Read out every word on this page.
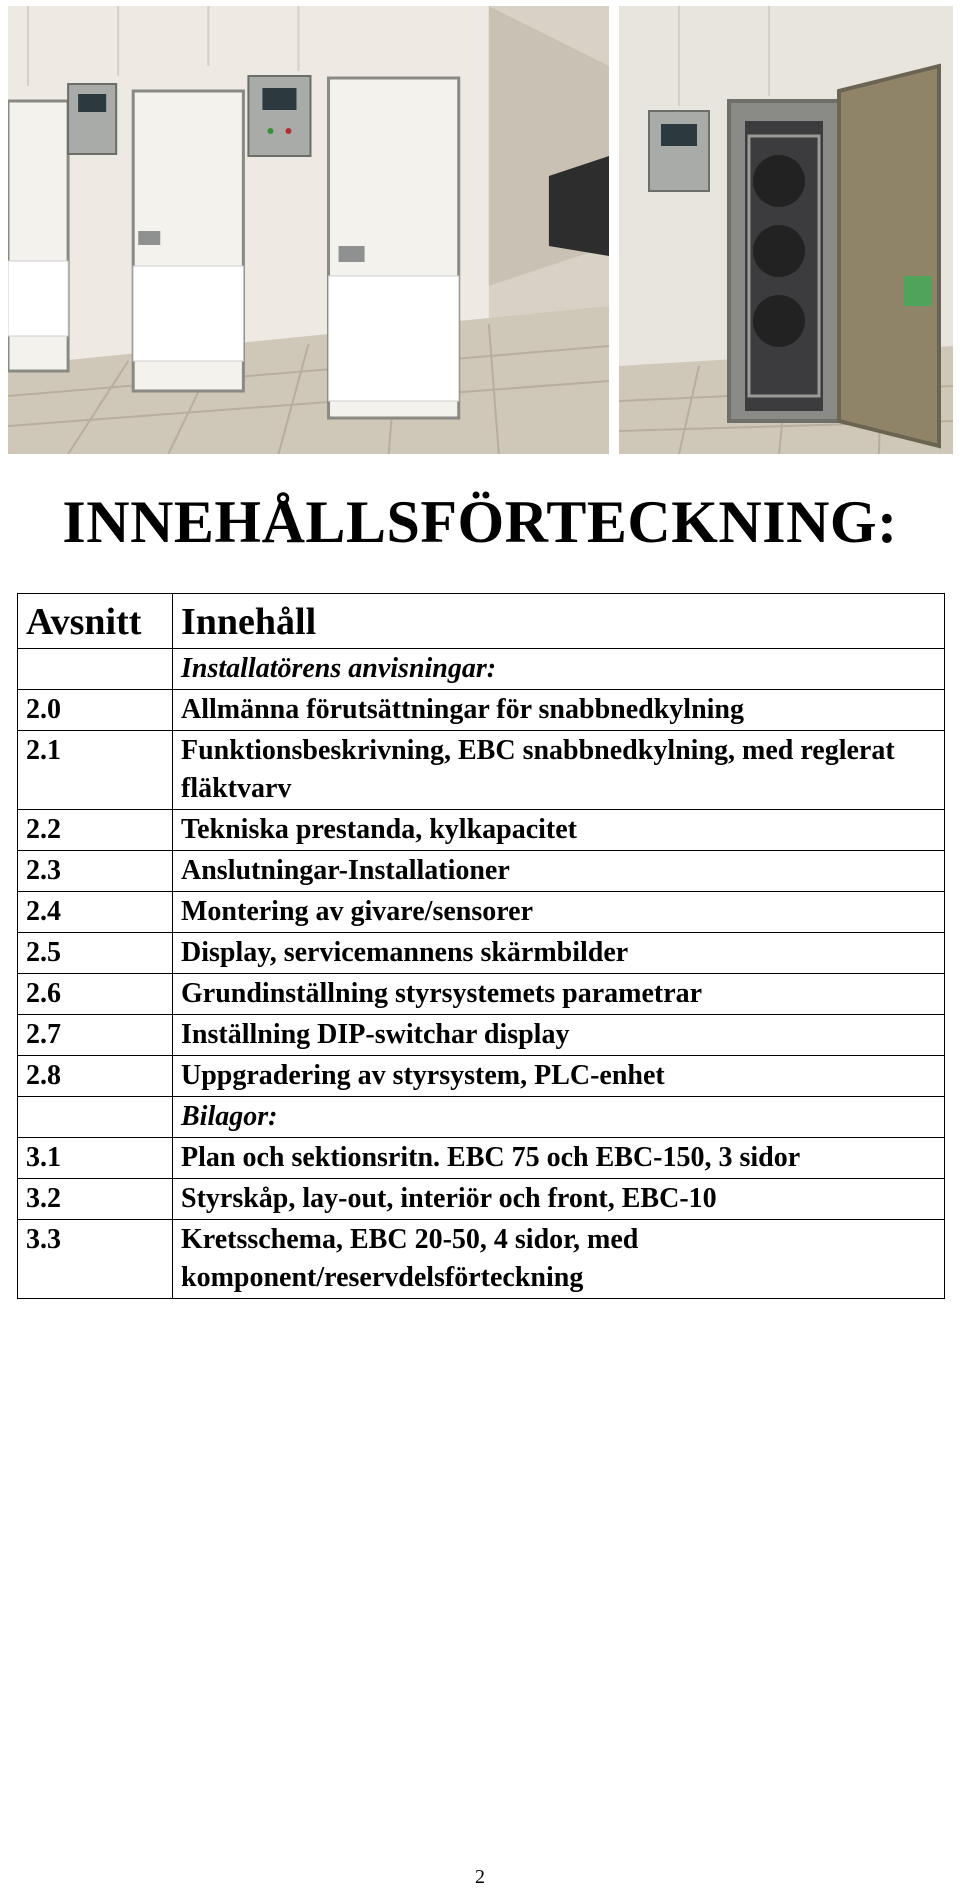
INNEHÅLLSFÖRTECKNING:
Avsnitt	Innehåll
	Installatörens anvisningar:
2.0	Allmänna förutsättningar för snabbnedkylning
2.1	Funktionsbeskrivning, EBC snabbnedkylning, med reglerat fläktvarv
2.2	Tekniska prestanda, kylkapacitet
2.3	Anslutningar-Installationer
2.4	Montering av givare/sensorer
2.5	Display, servicemannens skärmbilder
2.6	Grundinställning styrsystemets parametrar
2.7	Inställning DIP-switchar display
2.8	Uppgradering av styrsystem, PLC-enhet
	Bilagor:
3.1	Plan och sektionsritn. EBC 75 och EBC-150, 3 sidor
3.2	Styrskåp, lay-out, interiör och front, EBC-10
3.3	Kretsschema, EBC 20-50, 4 sidor, med komponent/reservdelsförteckning
2
